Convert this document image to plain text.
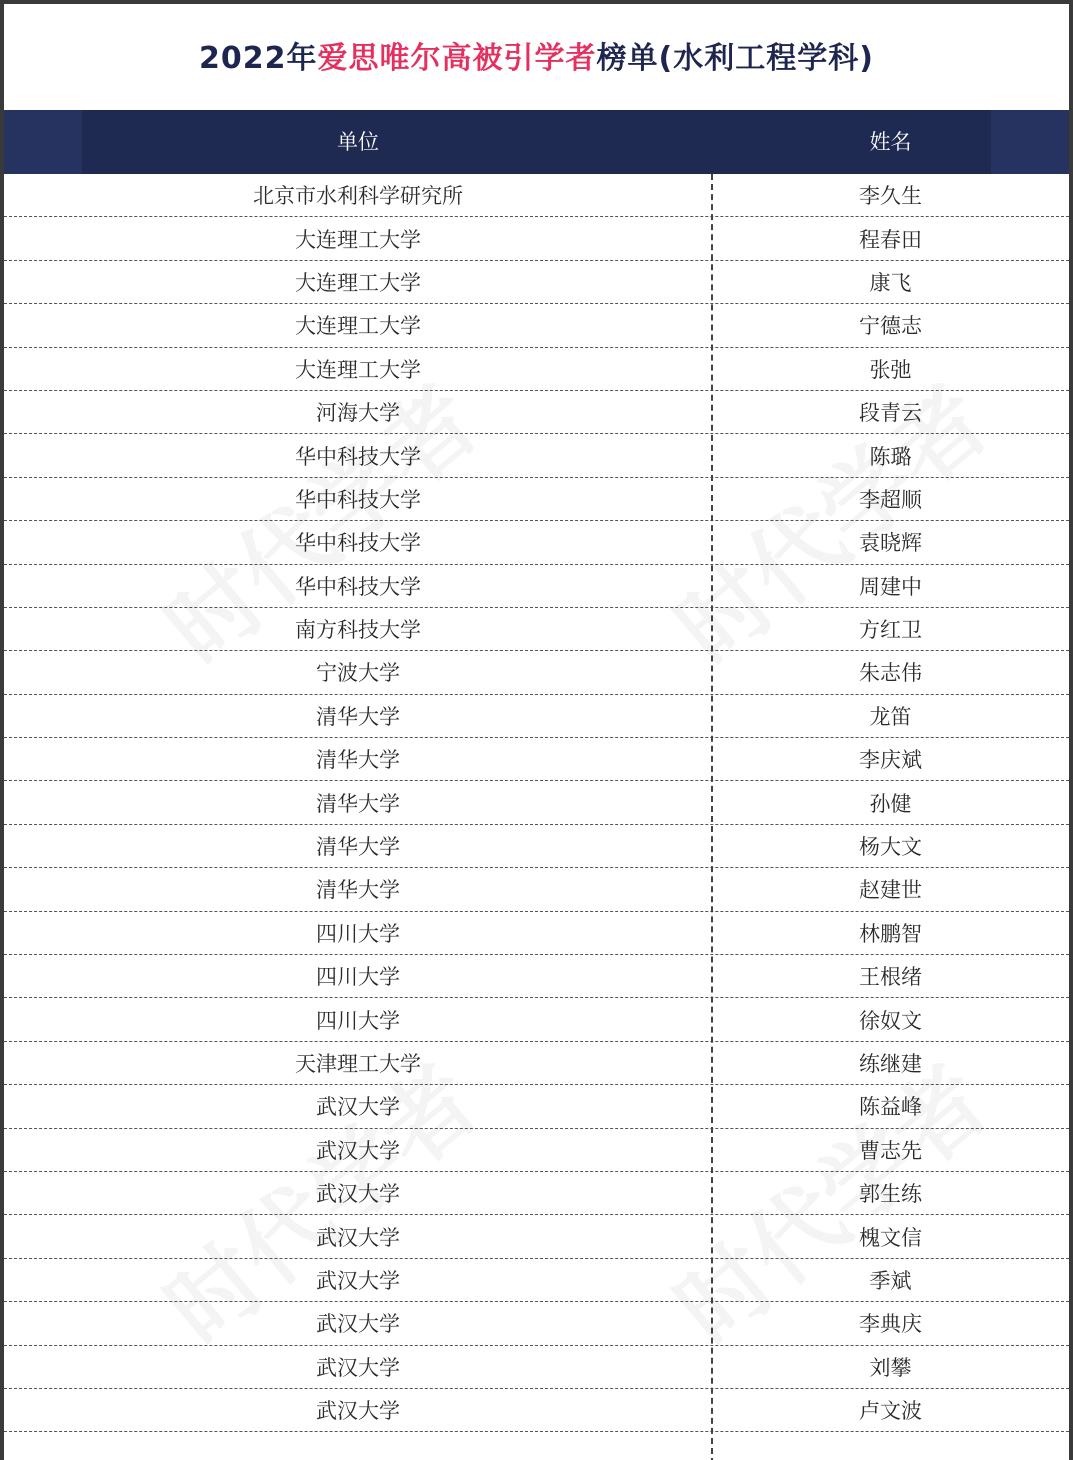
2022年爱思唯尔高被引学者榜单(水利工程学科)
单位	姓名
北京市水利科学研究所	李久生
大连理工大学	程春田
大连理工大学	康飞
大连理工大学	宁德志
大连理工大学	张弛
河海大学	段青云
华中科技大学	陈璐
华中科技大学	李超顺
华中科技大学	袁晓辉
华中科技大学	周建中
南方科技大学	方红卫
宁波大学	朱志伟
清华大学	龙笛
清华大学	李庆斌
清华大学	孙健
清华大学	杨大文
清华大学	赵建世
四川大学	林鹏智
四川大学	王根绪
四川大学	徐奴文
天津理工大学	练继建
武汉大学	陈益峰
武汉大学	曹志先
武汉大学	郭生练
武汉大学	槐文信
武汉大学	季斌
武汉大学	李典庆
武汉大学	刘攀
武汉大学	卢文波
